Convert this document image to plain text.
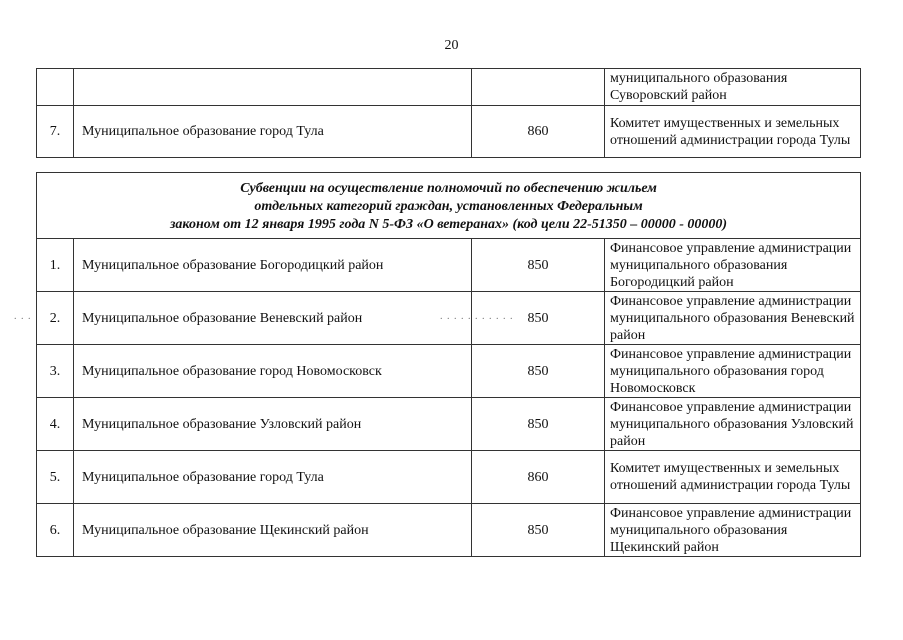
20
			муниципального образования Суворовский район
7.	Муниципальное образование город Тула	860	Комитет имущественных и земельных отношений администрации города Тулы
Субвенции на осуществление полномочий по обеспечению жильем
отдельных категорий граждан, установленных Федеральным
законом от 12 января 1995 года N 5-ФЗ «О ветеранах» (код цели 22-51350 – 00000 - 00000)			

1.	Муниципальное образование Богородицкий район	850	Финансовое управление администрации муниципального образования Богородицкий район
2.	Муниципальное образование Веневский район	850	Финансовое управление администрации муниципального образования Веневский район
3.	Муниципальное образование город Новомосковск	850	Финансовое управление администрации муниципального образования город Новомосковск
4.	Муниципальное образование Узловский район	850	Финансовое управление администрации муниципального образования Узловский район
5.	Муниципальное образование город Тула	860	Комитет имущественных и земельных отношений администрации города Тулы
6.	Муниципальное образование Щекинский район	850	Финансовое управление администрации муниципального образования Щекинский район
. . .	. . . . . . . . . . .
